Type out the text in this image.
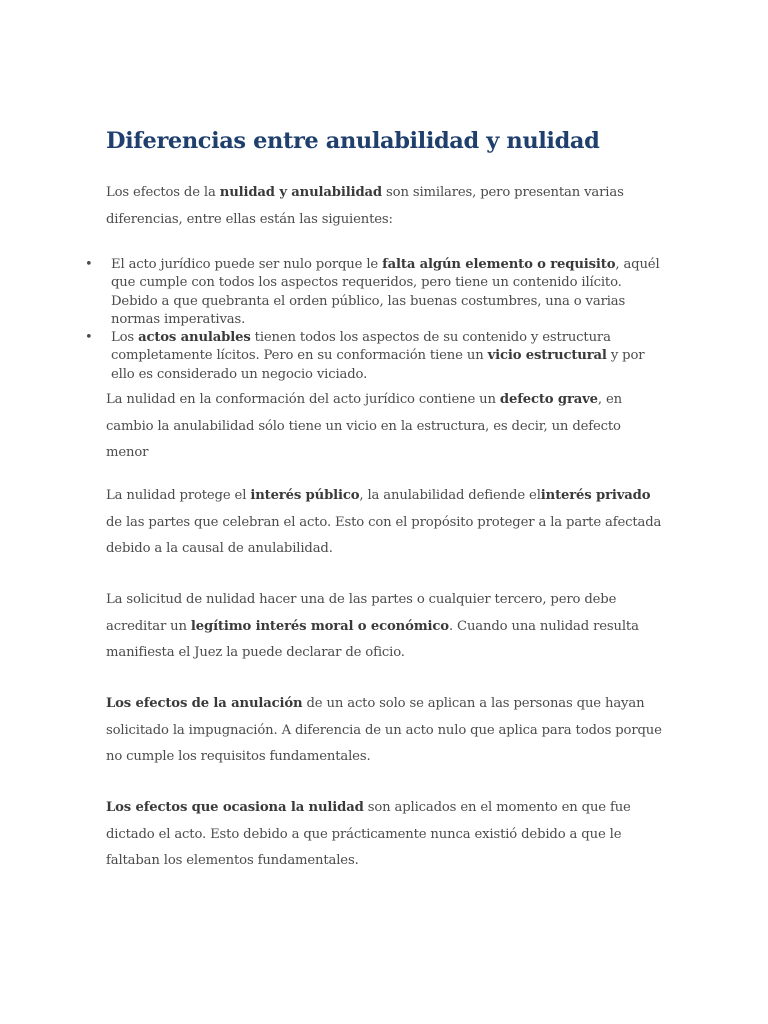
Diferencias entre anulabilidad y nulidad

Los efectos de la nulidad y anulabilidad son similares, pero presentan varias diferencias, entre ellas están las siguientes:

• El acto jurídico puede ser nulo porque le falta algún elemento o requisito, aquél que cumple con todos los aspectos requeridos, pero tiene un contenido ilícito. Debido a que quebranta el orden público, las buenas costumbres, una o varias normas imperativas.
• Los actos anulables tienen todos los aspectos de su contenido y estructura completamente lícitos. Pero en su conformación tiene un vicio estructural y por ello es considerado un negocio viciado.

La nulidad en la conformación del acto jurídico contiene un defecto grave, en cambio la anulabilidad sólo tiene un vicio en la estructura, es decir, un defecto menor

La nulidad protege el interés público, la anulabilidad defiende elinterés privado de las partes que celebran el acto. Esto con el propósito proteger a la parte afectada debido a la causal de anulabilidad.

La solicitud de nulidad hacer una de las partes o cualquier tercero, pero debe acreditar un legítimo interés moral o económico. Cuando una nulidad resulta manifiesta el Juez la puede declarar de oficio.

Los efectos de la anulación de un acto solo se aplican a las personas que hayan solicitado la impugnación. A diferencia de un acto nulo que aplica para todos porque no cumple los requisitos fundamentales.

Los efectos que ocasiona la nulidad son aplicados en el momento en que fue dictado el acto. Esto debido a que prácticamente nunca existió debido a que le faltaban los elementos fundamentales.
